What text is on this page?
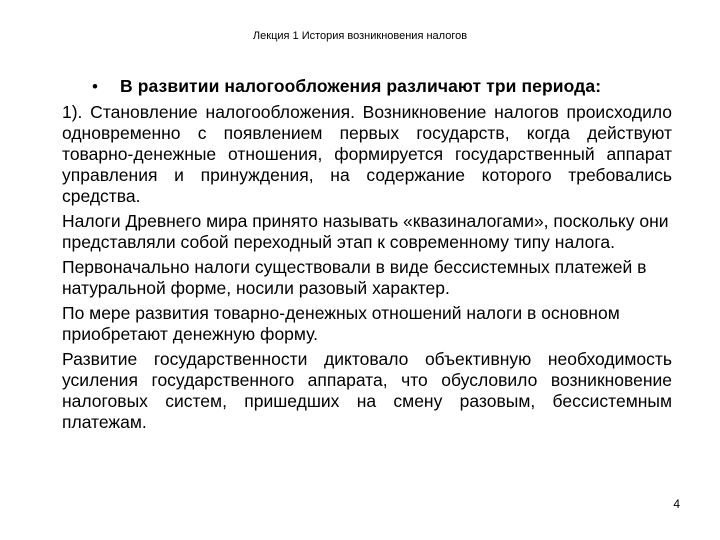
Лекция 1 История возникновения налогов
•	В развитии налогообложения различают три периода:

1). Становление налогообложения. Возникновение налогов происходило одновременно с появлением первых государств, когда действуют товарно-денежные отношения, формируется государственный аппарат управления и принуждения, на содержание которого требовались средства.

Налоги Древнего мира принято называть «квазиналогами», поскольку они представляли собой переходный этап к современному типу налога.

Первоначально налоги существовали в виде бессистемных платежей в натуральной форме, носили разовый характер.

По мере развития товарно-денежных отношений налоги в основном приобретают денежную форму.

Развитие государственности диктовало объективную необходимость усиления государственного аппарата, что обусловило возникновение налоговых систем, пришедших на смену разовым, бессистемным платежам.

4
